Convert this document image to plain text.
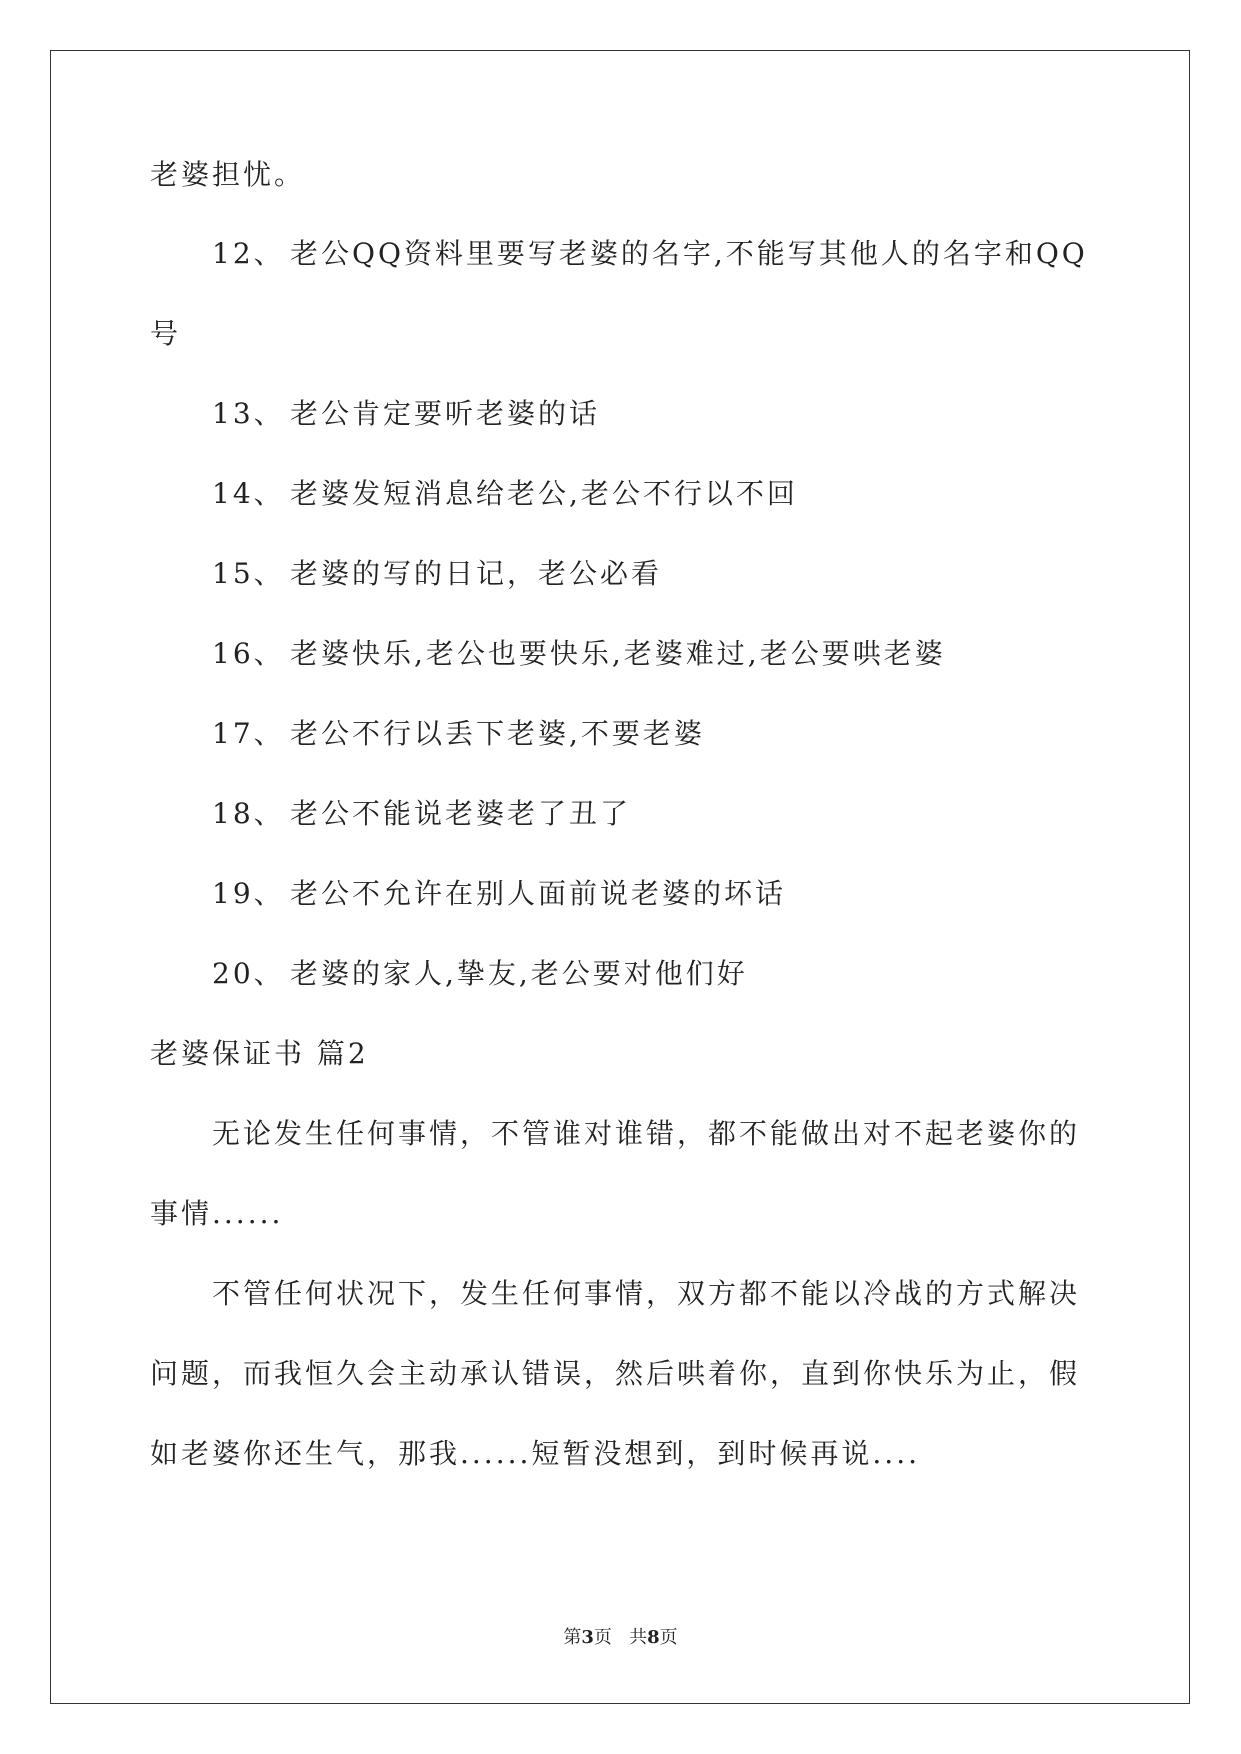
老婆担忧。
12、 老公QQ资料里要写老婆的名字,不能写其他人的名字和QQ
号
13、 老公肯定要听老婆的话
14、 老婆发短消息给老公,老公不行以不回
15、 老婆的写的日记，老公必看
16、 老婆快乐,老公也要快乐,老婆难过,老公要哄老婆
17、 老公不行以丢下老婆,不要老婆
18、 老公不能说老婆老了丑了
19、 老公不允许在别人面前说老婆的坏话
20、 老婆的家人,挚友,老公要对他们好
老婆保证书 篇2
无论发生任何事情，不管谁对谁错，都不能做出对不起老婆你的
事情......
不管任何状况下，发生任何事情，双方都不能以冷战的方式解决
问题，而我恒久会主动承认错误，然后哄着你，直到你快乐为止，假
如老婆你还生气，那我......短暂没想到，到时候再说....
第3页 共8页
